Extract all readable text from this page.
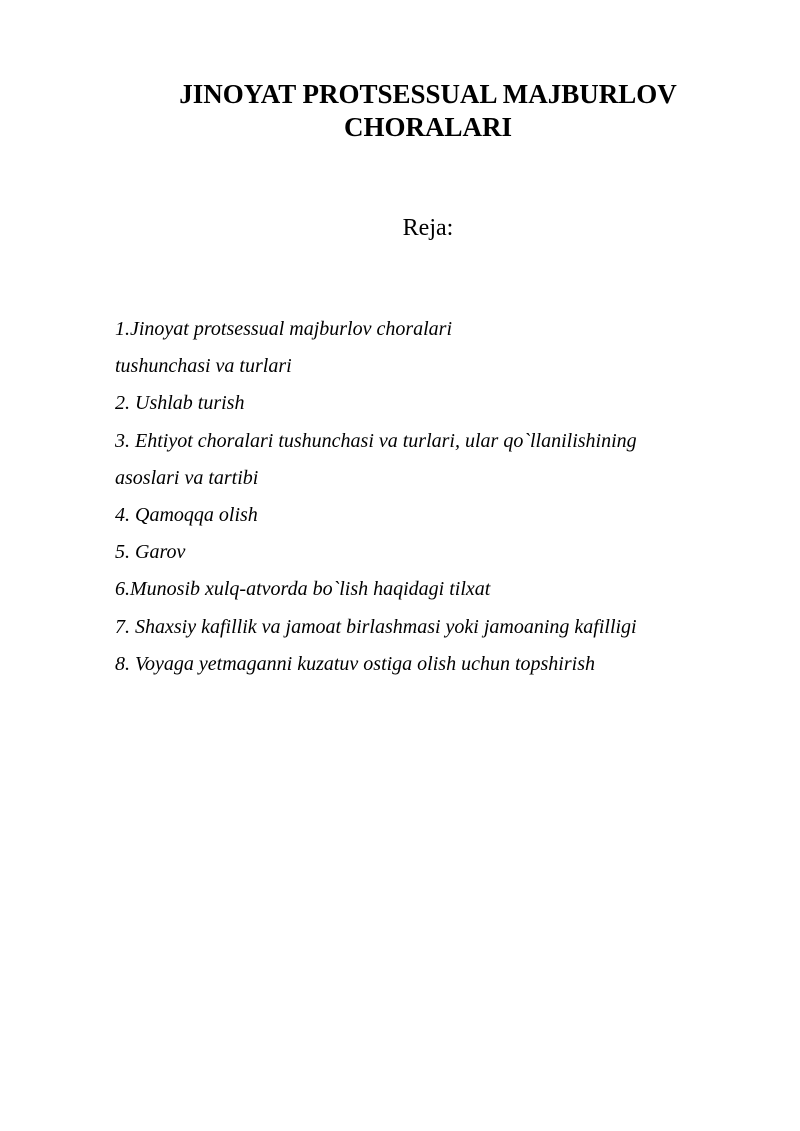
JINOYAT PROTSESSUAL MAJBURLOV
CHORALARI
Reja:
1.Jinoyat protsessual majburlov choralari
tushunchasi va turlari
2. Ushlab turish
3. Ehtiyot choralari tushunchasi va turlari, ular qo`llanilishining
asoslari va tartibi
4. Qamoqqa olish
5. Garov
6.Munosib xulq-atvorda bo`lish haqidagi tilxat
7. Shaxsiy kafillik va jamoat birlashmasi yoki jamoaning kafilligi
8. Voyaga yetmaganni kuzatuv ostiga olish uchun topshirish
